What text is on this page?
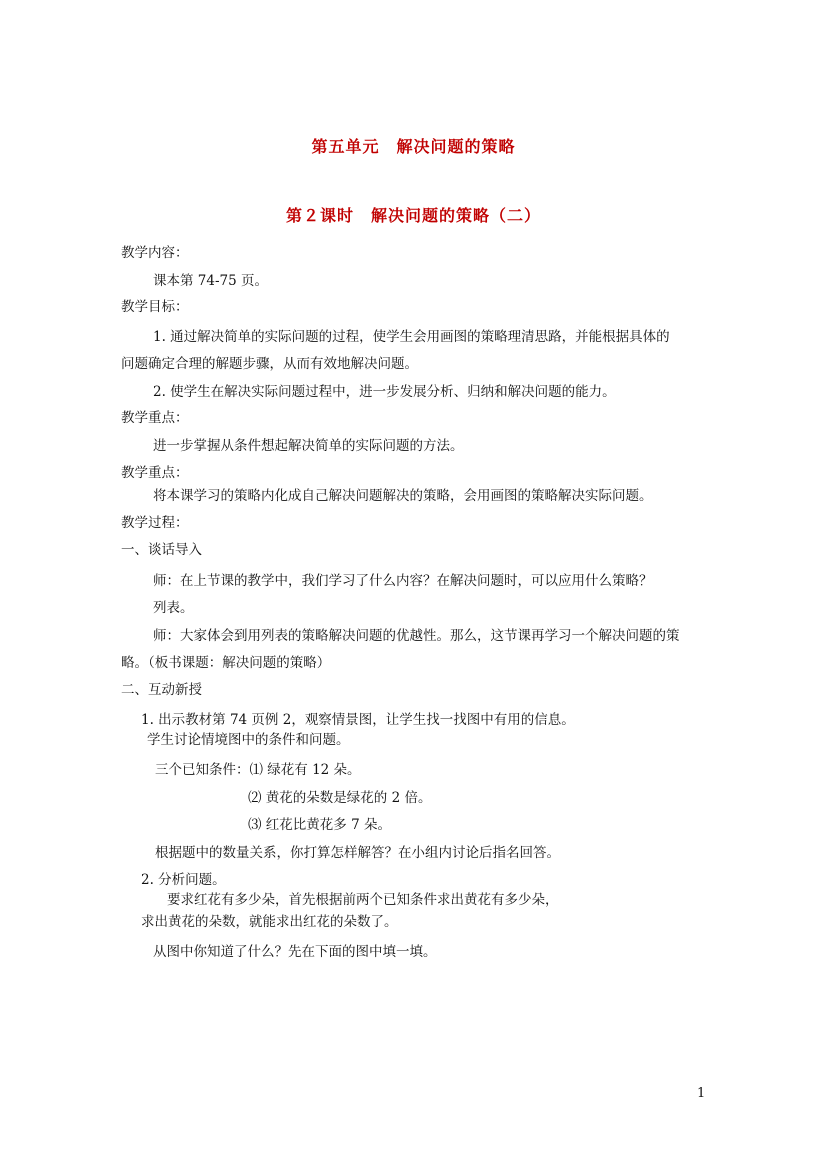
第五单元　解决问题的策略
第２课时　解决问题的策略（二）
教学内容：
课本第 74-75 页。
教学目标：
1. 通过解决简单的实际问题的过程，使学生会用画图的策略理清思路，并能根据具体的
问题确定合理的解题步骤，从而有效地解决问题。
2. 使学生在解决实际问题过程中，进一步发展分析、归纳和解决问题的能力。
教学重点：
进一步掌握从条件想起解决简单的实际问题的方法。
教学重点：
将本课学习的策略内化成自己解决问题解决的策略，会用画图的策略解决实际问题。
教学过程：
一、谈话导入
师：在上节课的教学中，我们学习了什么内容？在解决问题时，可以应用什么策略？
列表。
师：大家体会到用列表的策略解决问题的优越性。那么，这节课再学习一个解决问题的策
略。（板书课题：解决问题的策略）
二、互动新授
1. 出示教材第 74 页例 2，观察情景图，让学生找一找图中有用的信息。
学生讨论情境图中的条件和问题。
三个已知条件：⑴ 绿花有 12 朵。
⑵ 黄花的朵数是绿花的 2 倍。
⑶ 红花比黄花多 7 朵。
根据题中的数量关系，你打算怎样解答？在小组内讨论后指名回答。
2. 分析问题。
要求红花有多少朵，首先根据前两个已知条件求出黄花有多少朵，
求出黄花的朵数，就能求出红花的朵数了。
从图中你知道了什么？先在下面的图中填一填。
1
